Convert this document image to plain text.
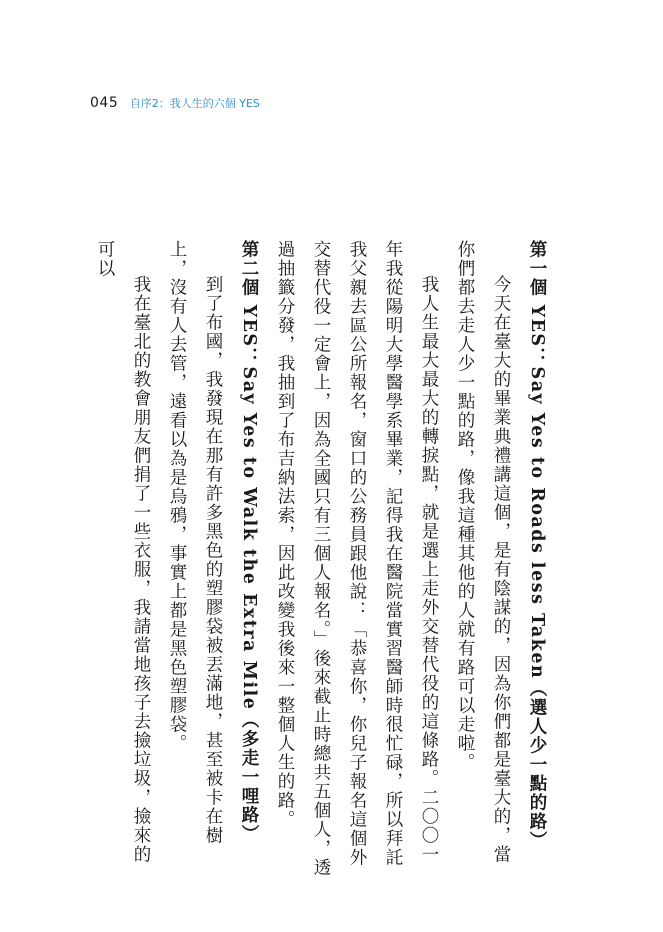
045 自序2：我人生的六個 YES

第一個 YES：Say Yes to Roads less Taken（選人少一點的路）

今天在臺大的畢業典禮講這個，是有陰謀的，因為你們都是臺大的，當你們都去走人少一點的路，像我這種其他的人就有路可以走啦。

我人生最大最大的轉捩點，就是選上走外交替代役的這條路。二〇〇一年我從陽明大學醫學系畢業，記得我在醫院當實習醫師時很忙碌，所以拜託我父親去區公所報名，窗口的公務員跟他說：「恭喜你，你兒子報名這個外交替代役一定會上，因為全國只有三個人報名。」後來截止時總共五個人，透過抽籤分發，我抽到了布吉納法索，因此改變我後來一整個人生的路。

第二個 YES：Say Yes to Walk the Extra Mile（多走一哩路）

到了布國，我發現在那有許多黑色的塑膠袋被丟滿地，甚至被卡在樹上，沒有人去管，遠看以為是烏鴉，事實上都是黑色塑膠袋。

我在臺北的教會朋友們捐了一些衣服，我請當地孩子去撿垃圾，撿來的可以
